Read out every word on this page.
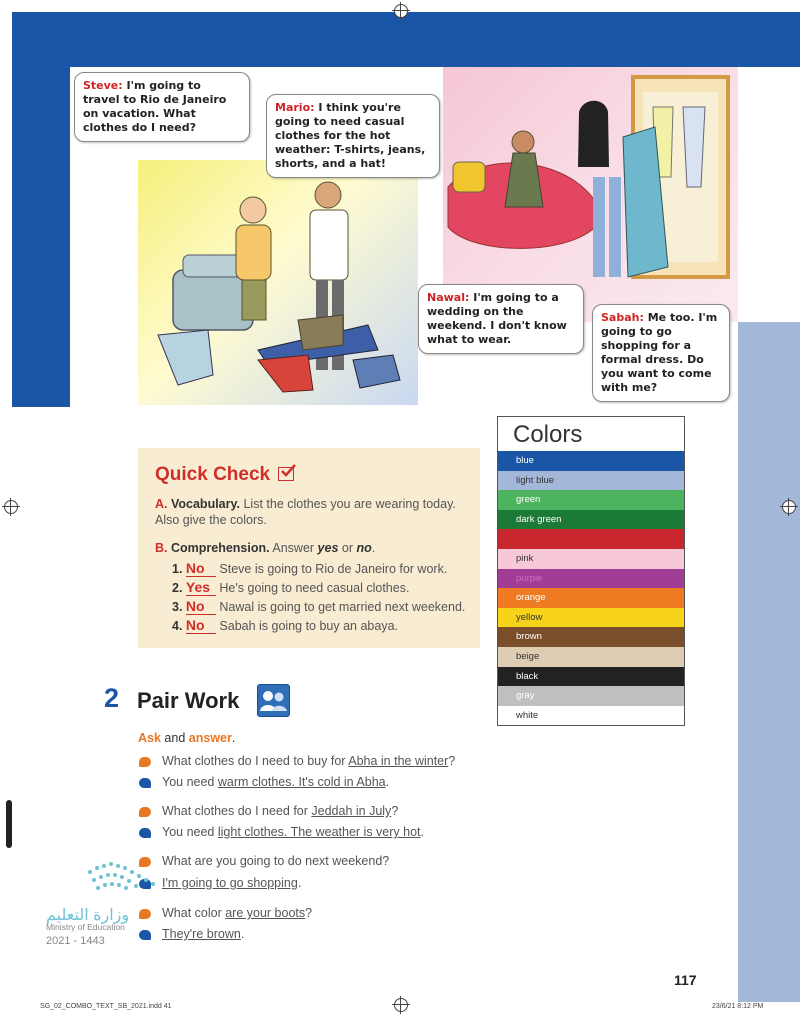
Steve: I'm going to travel to Rio de Janeiro on vacation. What clothes do I need?
Mario: I think you're going to need casual clothes for the hot weather: T-shirts, jeans, shorts, and a hat!
Nawal: I'm going to a wedding on the weekend. I don't know what to wear.
Sabah: Me too. I'm going to go shopping for a formal dress. Do you want to come with me?
Quick Check
A. Vocabulary. List the clothes you are wearing today. Also give the colors.
B. Comprehension. Answer yes or no.
1. No Steve is going to Rio de Janeiro for work.
2. Yes He's going to need casual clothes.
3. No Nawal is going to get married next weekend.
4. No Sabah is going to buy an abaya.
Colors
blue
light blue
green
dark green
red
pink
purple
orange
yellow
brown
beige
black
gray
white
2 Pair Work
Ask and answer.
What clothes do I need to buy for Abha in the winter?
You need warm clothes. It's cold in Abha.
What clothes do I need for Jeddah in July?
You need light clothes. The weather is very hot.
What are you going to do next weekend?
I'm going to go shopping.
What color are your boots?
They're brown.
وزارة التعليم
Ministry of Education
2021 - 1443
117
SG_02_COMBO_TEXT_SB_2021.indd 41	23/6/21 8:12 PM
